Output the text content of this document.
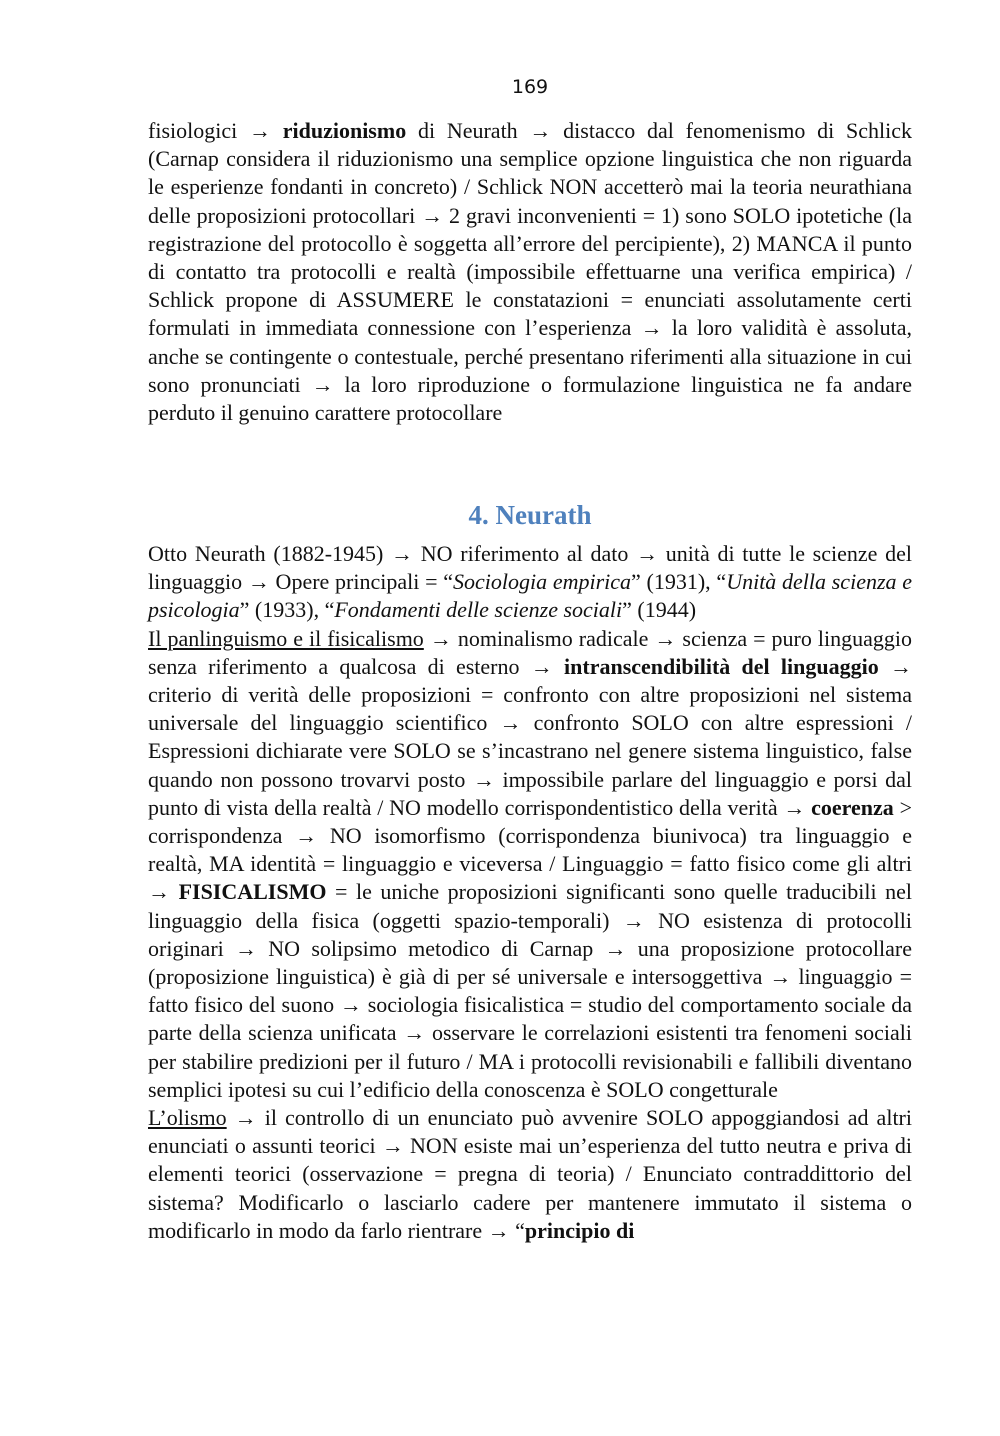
169

fisiologici → riduzionismo di Neurath → distacco dal fenomenismo di Schlick (Carnap considera il riduzionismo una semplice opzione linguistica che non riguarda le esperienze fondanti in concreto) / Schlick NON accetterò mai la teoria neurathiana delle proposizioni protocollari → 2 gravi inconvenienti = 1) sono SOLO ipotetiche (la registrazione del protocollo è soggetta all’errore del percipiente), 2) MANCA il punto di contatto tra protocolli e realtà (impossibile effettuarne una verifica empirica) / Schlick propone di ASSUMERE le constatazioni = enunciati assolutamente certi formulati in immediata connessione con l’esperienza → la loro validità è assoluta, anche se contingente o contestuale, perché presentano riferimenti alla situazione in cui sono pronunciati → la loro riproduzione o formulazione linguistica ne fa andare perduto il genuino carattere protocollare

4. Neurath

Otto Neurath (1882-1945) → NO riferimento al dato → unità di tutte le scienze del linguaggio → Opere principali = “Sociologia empirica” (1931), “Unità della scienza e psicologia” (1933), “Fondamenti delle scienze sociali” (1944)

Il panlinguismo e il fisicalismo → nominalismo radicale → scienza = puro linguaggio senza riferimento a qualcosa di esterno → intranscendibilità del linguaggio → criterio di verità delle proposizioni = confronto con altre proposizioni nel sistema universale del linguaggio scientifico → confronto SOLO con altre espressioni / Espressioni dichiarate vere SOLO se s’incastrano nel genere sistema linguistico, false quando non possono trovarvi posto → impossibile parlare del linguaggio e porsi dal punto di vista della realtà / NO modello corrispondentistico della verità → coerenza > corrispondenza → NO isomorfismo (corrispondenza biunivoca) tra linguaggio e realtà, MA identità = linguaggio e viceversa / Linguaggio = fatto fisico come gli altri → FISICALISMO = le uniche proposizioni significanti sono quelle traducibili nel linguaggio della fisica (oggetti spazio-temporali) → NO esistenza di protocolli originari → NO solipsimo metodico di Carnap → una proposizione protocollare (proposizione linguistica) è già di per sé universale e intersoggettiva → linguaggio = fatto fisico del suono → sociologia fisicalistica = studio del comportamento sociale da parte della scienza unificata → osservare le correlazioni esistenti tra fenomeni sociali per stabilire predizioni per il futuro / MA i protocolli revisionabili e fallibili diventano semplici ipotesi su cui l’edificio della conoscenza è SOLO congetturale

L’olismo → il controllo di un enunciato può avvenire SOLO appoggiandosi ad altri enunciati o assunti teorici → NON esiste mai un’esperienza del tutto neutra e priva di elementi teorici (osservazione = pregna di teoria) / Enunciato contraddittorio del sistema? Modificarlo o lasciarlo cadere per mantenere immutato il sistema o modificarlo in modo da farlo rientrare → “principio di
